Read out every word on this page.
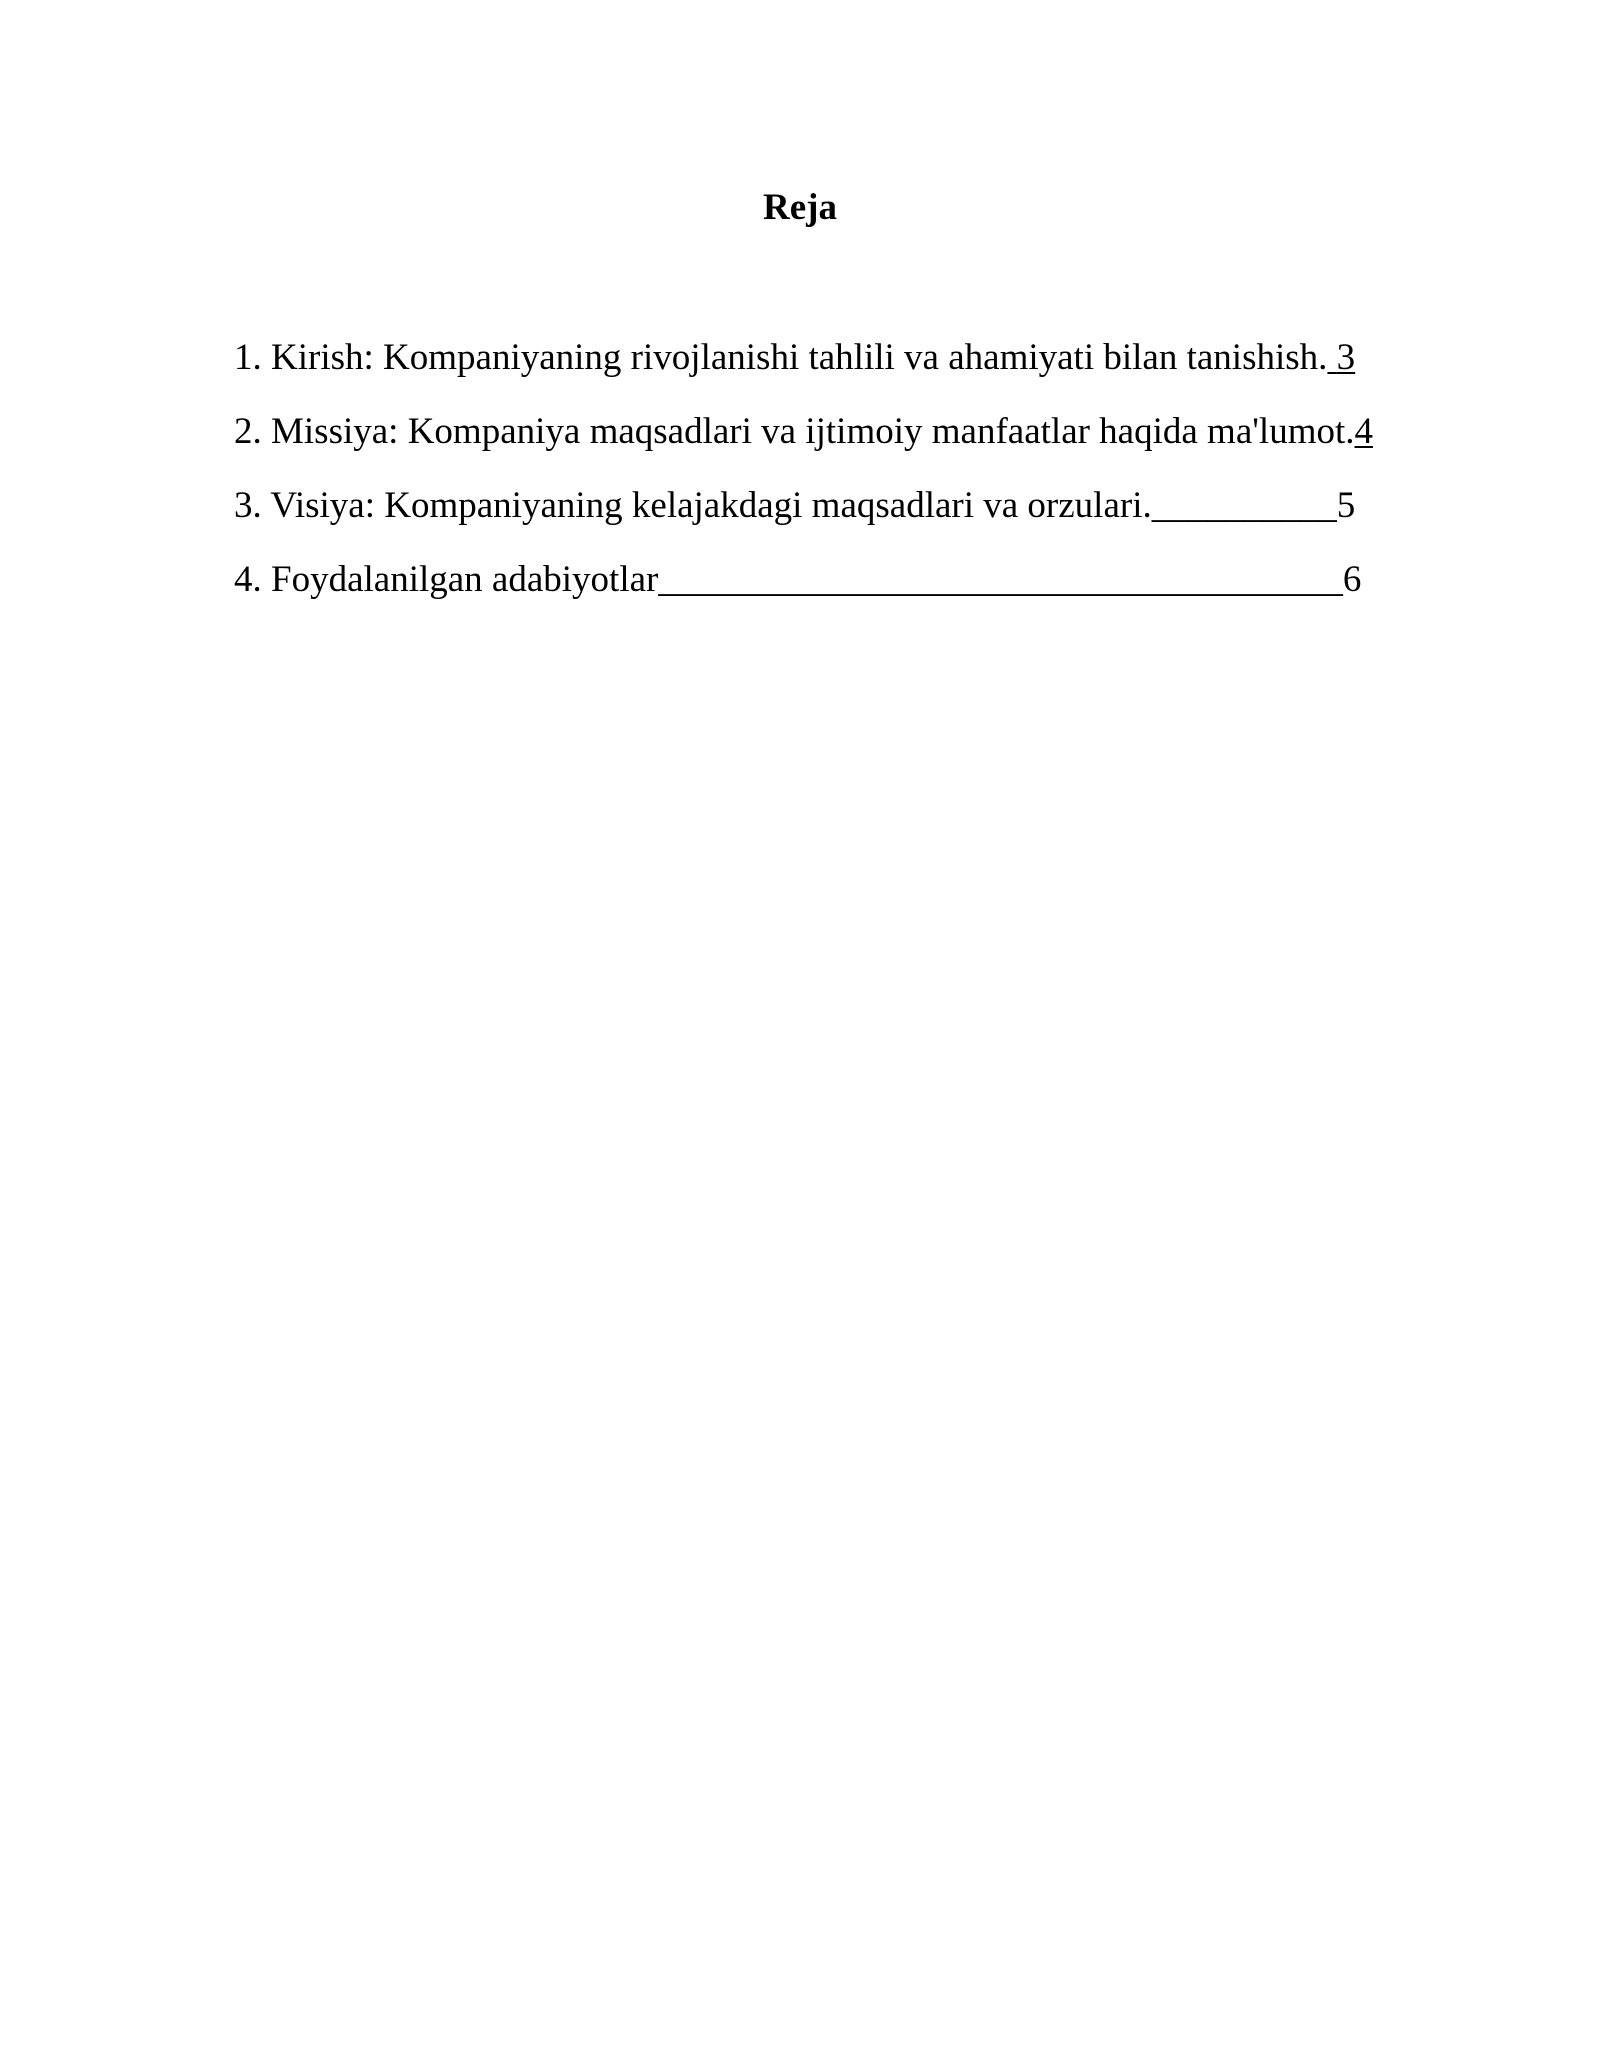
Reja
1. Kirish: Kompaniyaning rivojlanishi tahlili va ahamiyati bilan tanishish. 3
2. Missiya: Kompaniya maqsadlari va ijtimoiy manfaatlar haqida ma'lumot.4
3. Visiya: Kompaniyaning kelajakdagi maqsadlari va orzulari.__________5
4. Foydalanilgan adabiyotlar_____________________________________6
